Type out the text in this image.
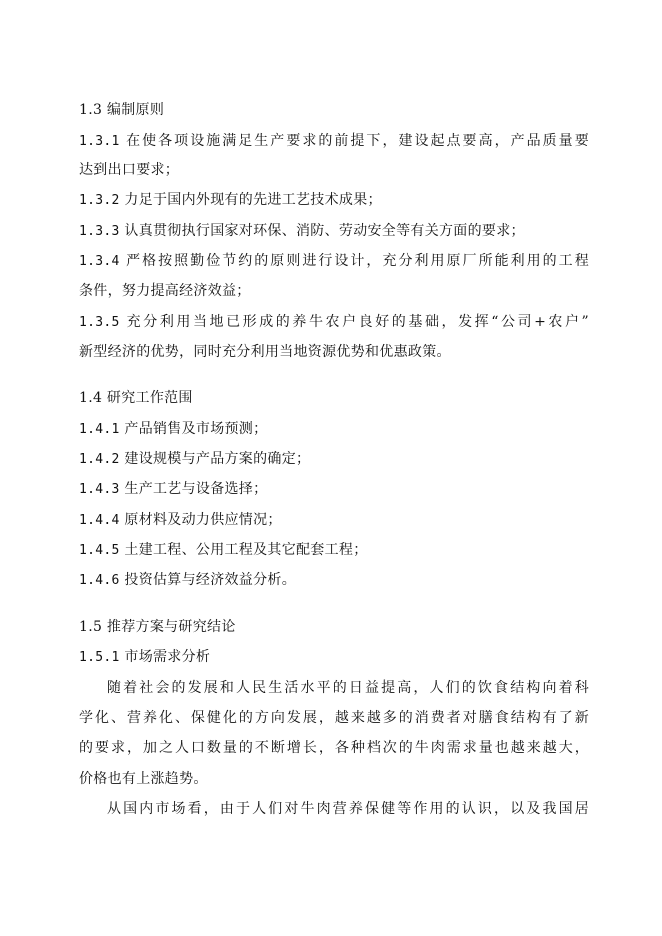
1.3 编制原则
1.3.1 在使各项设施满足生产要求的前提下，建设起点要高，产品质量要
达到出口要求；
1.3.2 力足于国内外现有的先进工艺技术成果；
1.3.3 认真贯彻执行国家对环保、消防、劳动安全等有关方面的要求；
1.3.4 严格按照勤俭节约的原则进行设计，充分利用原厂所能利用的工程
条件，努力提高经济效益；
1.3.5 充分利用当地已形成的养牛农户良好的基础，发挥“公司+农户”
新型经济的优势，同时充分利用当地资源优势和优惠政策。
1.4 研究工作范围
1.4.1 产品销售及市场预测；
1.4.2 建设规模与产品方案的确定；
1.4.3 生产工艺与设备选择；
1.4.4 原材料及动力供应情况；
1.4.5 土建工程、公用工程及其它配套工程；
1.4.6 投资估算与经济效益分析。
1.5 推荐方案与研究结论
1.5.1 市场需求分析
随着社会的发展和人民生活水平的日益提高，人们的饮食结构向着科
学化、营养化、保健化的方向发展，越来越多的消费者对膳食结构有了新
的要求，加之人口数量的不断增长，各种档次的牛肉需求量也越来越大，
价格也有上涨趋势。
从国内市场看，由于人们对牛肉营养保健等作用的认识，以及我国居
